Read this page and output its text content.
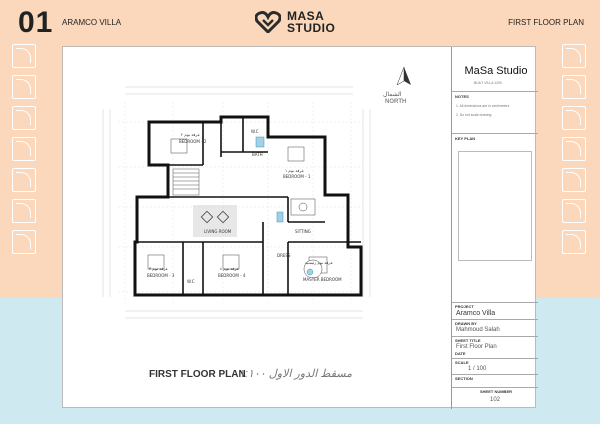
01 ARAMCO VILLA	FIRST FLOOR PLAN
MASA
STUDIO
BEDROOM - 2
غرفة نوم ٢
W.C
BEDROOM - 1
غرفة نوم ١
BATH
LIVING ROOM	SITTING
BEDROOM - 3
غرفة نوم ٣
BEDROOM - 4
غرفة نوم ٤
W.C
DRESS
MASTER BEDROOM
غرفة نوم رئيسية
الشمال
NORTH
FIRST FLOOR PLAN
مسقط الدور الاول ١:١٠٠
MaSa Studio
BUILT VILLA 1200
NOTES
1. All dimensions are in centimeters
2. Do not scale drawing
KEY PLAN
PROJECT
Aramco Villa
DRAWN BY
Mahmoud Salah
SHEET TITLE
First Floor Plan
DATE
SCALE
1 / 100
SECTION
SHEET NUMBER
102
